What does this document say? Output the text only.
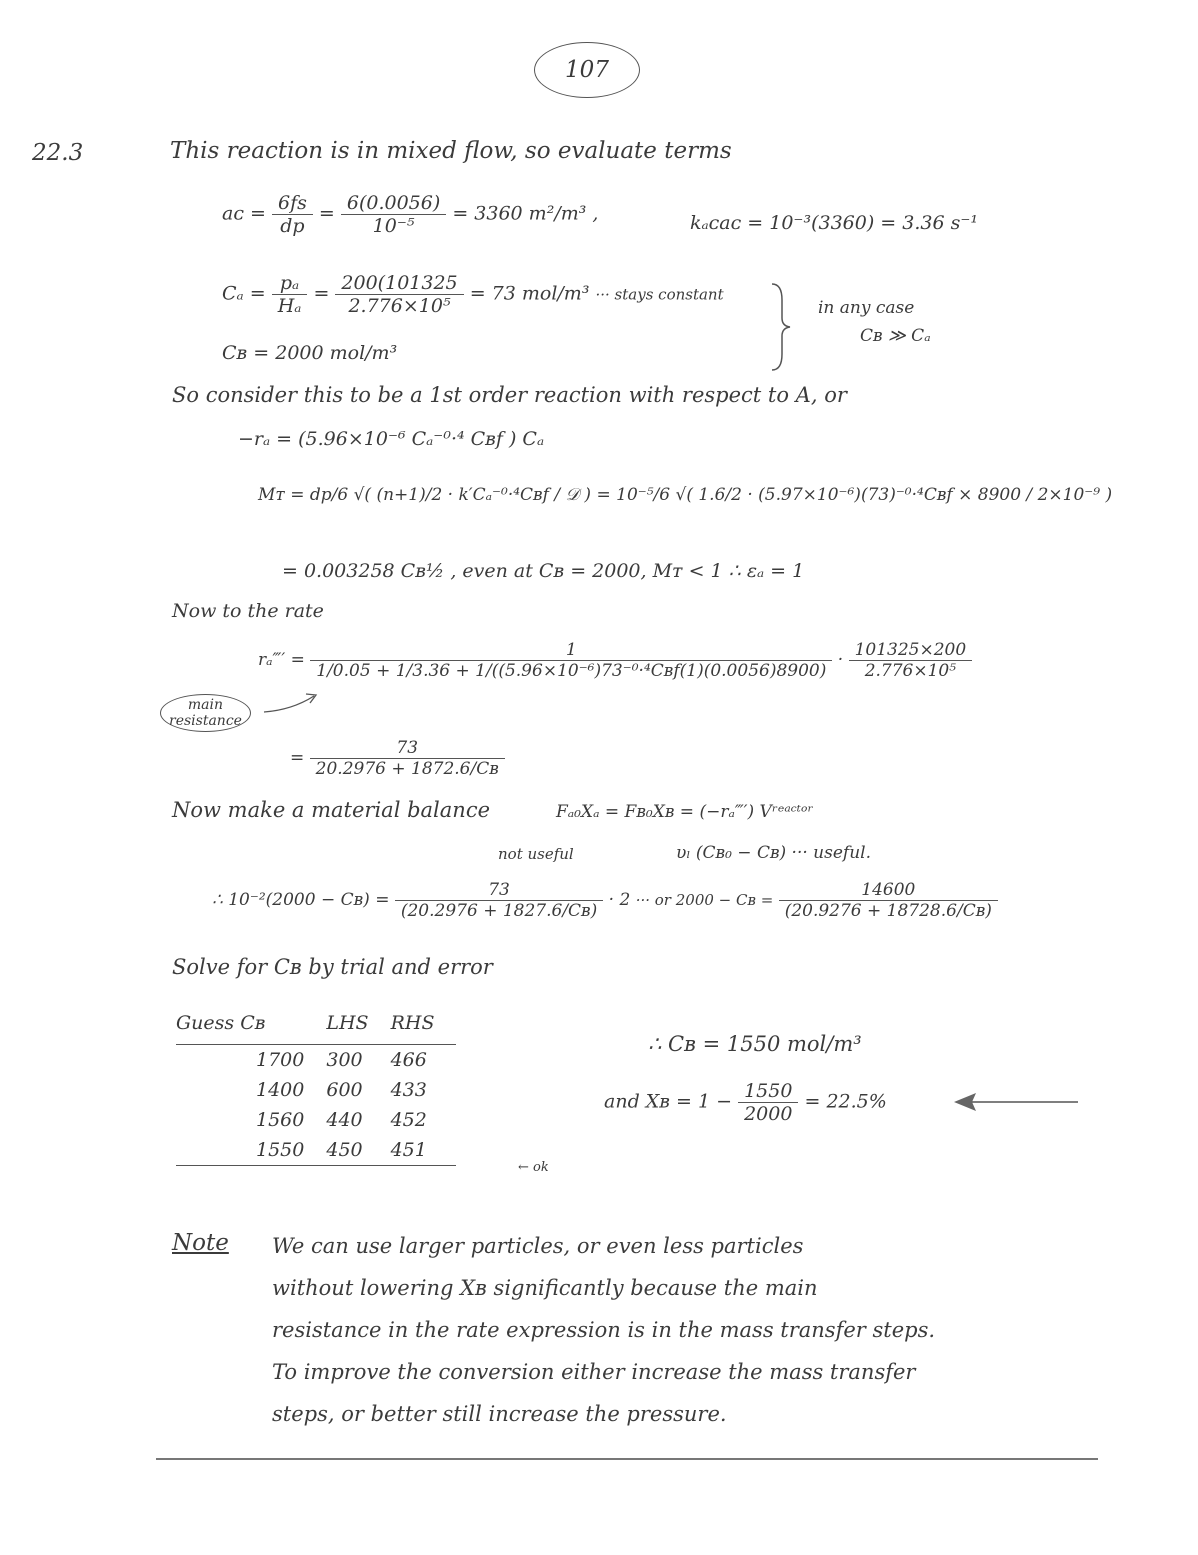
107
22.3	This reaction is in mixed flow, so evaluate terms
aᴄ = $\frac{6fs}{dp} = \frac{6(0.0056)}{\text{10⁻⁵}} = 3360$ m²/m³ ,	kₐᴄaᴄ = 10⁻³(3360) = 3.36 s⁻¹
$C_a = \frac{\text{pₐ}}{\text{Hₐ}} = \frac{200(101325}{\text{2.776×10⁵}} = 73$ mol/m³ ··· stays constant
in any case
Cʙ ≫ Cₐ
Cʙ = 2000 mol/m³
So consider this to be a 1st order reaction with respect to A, or
−rₐ = (5.96×10⁻⁶ Cₐ⁻⁰·⁴ Cʙf ) Cₐ
Mᴛ = dp/6 √( (n+1)/2 · k′Cₐ⁻⁰·⁴Cʙf / 𝒟 ) = 10⁻⁵/6 √( 1.6/2 · (5.97×10⁻⁶)(73)⁻⁰·⁴Cʙf × 8900 / 2×10⁻⁹ )
= 0.003258 Cʙ½ , even at Cʙ = 2000, Mᴛ < 1 ∴ εₐ = 1
Now to the rate
rₐ‴′ = $\frac{1}{\text{1/0.05 + 1/3.36 + 1/((5.96×10⁻⁶)73⁻⁰·⁴Cʙf(1)(0.0056)8900)}} \cdot \frac{101325\times 200}{\text{2.776×10⁵}}$
main
resistance
= $\frac{73}{\text{20.2976 + 1872.6/Cʙ}}$
Now make a material balance	Fₐ₀Xₐ = Fʙ₀Xʙ = (−rₐ‴′) Vʳᵉᵃᶜᵗᵒʳ
not useful	υₗ (Cʙ₀ − Cʙ) ··· useful.
∴ 10⁻²(2000 − Cʙ) = $\frac{73}{\text{(20.2976 + 1827.6/Cʙ)}} \cdot 2$ ··· or 2000 − Cʙ = $\frac{14600}{\text{(20.9276 + 18728.6/Cʙ)}}$
Solve for Cʙ by trial and error
Guess Cʙ	LHS	RHS
1700	300	466
1400	600	433
1560	440	452
1550	450	451
← ok
∴ Cʙ = 1550 mol/m³
and Xʙ = $1 - \frac{1550}{2000} = 22.5\%$
Note We can use larger particles, or even less particles
without lowering Xʙ significantly because the main
resistance in the rate expression is in the mass transfer steps.
To improve the conversion either increase the mass transfer
steps, or better still increase the pressure.
